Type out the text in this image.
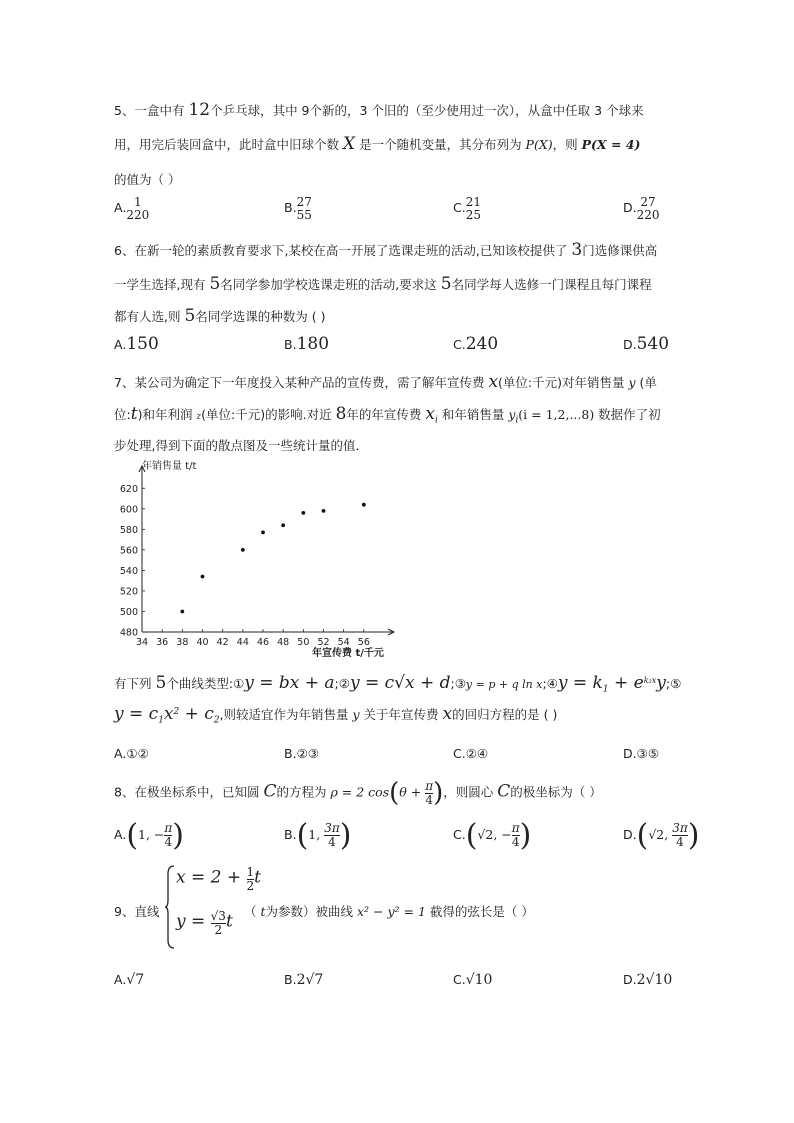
5、一盒中有 12个乒乓球，其中 9个新的，3 个旧的（至少使用过一次），从盒中任取 3 个球来
用，用完后装回盒中，此时盒中旧球个数 X 是一个随机变量，其分布列为 P(X)，则 P(X = 4)
的值为（ ）
A. 1
220	B. 27
55	C. 21
25	D. 27
220
6、在新一轮的素质教育要求下,某校在高一开展了选课走班的活动,已知该校提供了 3门选修课供高
一学生选择,现有 5名同学参加学校选课走班的活动,要求这 5名同学每人选修一门课程且每门课程
都有人选,则 5名同学选课的种数为 ( )
A.150	B.180	C.240	D.540
7、某公司为确定下一年度投入某种产品的宣传费，需了解年宣传费 x(单位:千元)对年销售量 y (单
位:t)和年利润 z(单位:千元)的影响.对近 8年的年宣传费 $x_i$ 和年销售量 $y_i(i = 1,2,...8)$ 数据作了初
步处理,得到下面的散点图及一些统计量的值．
34 36 38 40 42 44 46 48 50 52 54 56
480
500
520
540
560
580
600
620
年销售量 t/t
年宣传费 t/千元
有下列 5个曲线类型:①y = bx + a;②y = c√x + d;③y = p + q ln x;④y = $k_1$ + $e^{k_2x}y;⑤$
$y = c_1x^2 + c_2$,则较适宜作为年销售量 y 关于年宣传费 x的回归方程的是 ( )
A.①②	B.②③	C.②④	D.③⑤
8、在极坐标系中，已知圆 C的方程为 ρ = 2 $\cos(\theta + \frac{\pi}{4}$ )，则圆心 C的极坐标为（ ）
A.(1, − $\frac{\pi}{4}$ )	B.(1, $\frac{3\pi}{4}$ )	C.(√2, − $\frac{\pi}{4}$ )	D.(√2, $\frac{3\pi}{4}$ )
9、直线
$x = 2 + \frac{1}{2}$ t
$y = \frac{√3}{2}$ t
（ t为参数）被曲线 x² − y² = 1 截得的弦长是（ ）
A.√7	B.2√7	C.√10	D.2√10
